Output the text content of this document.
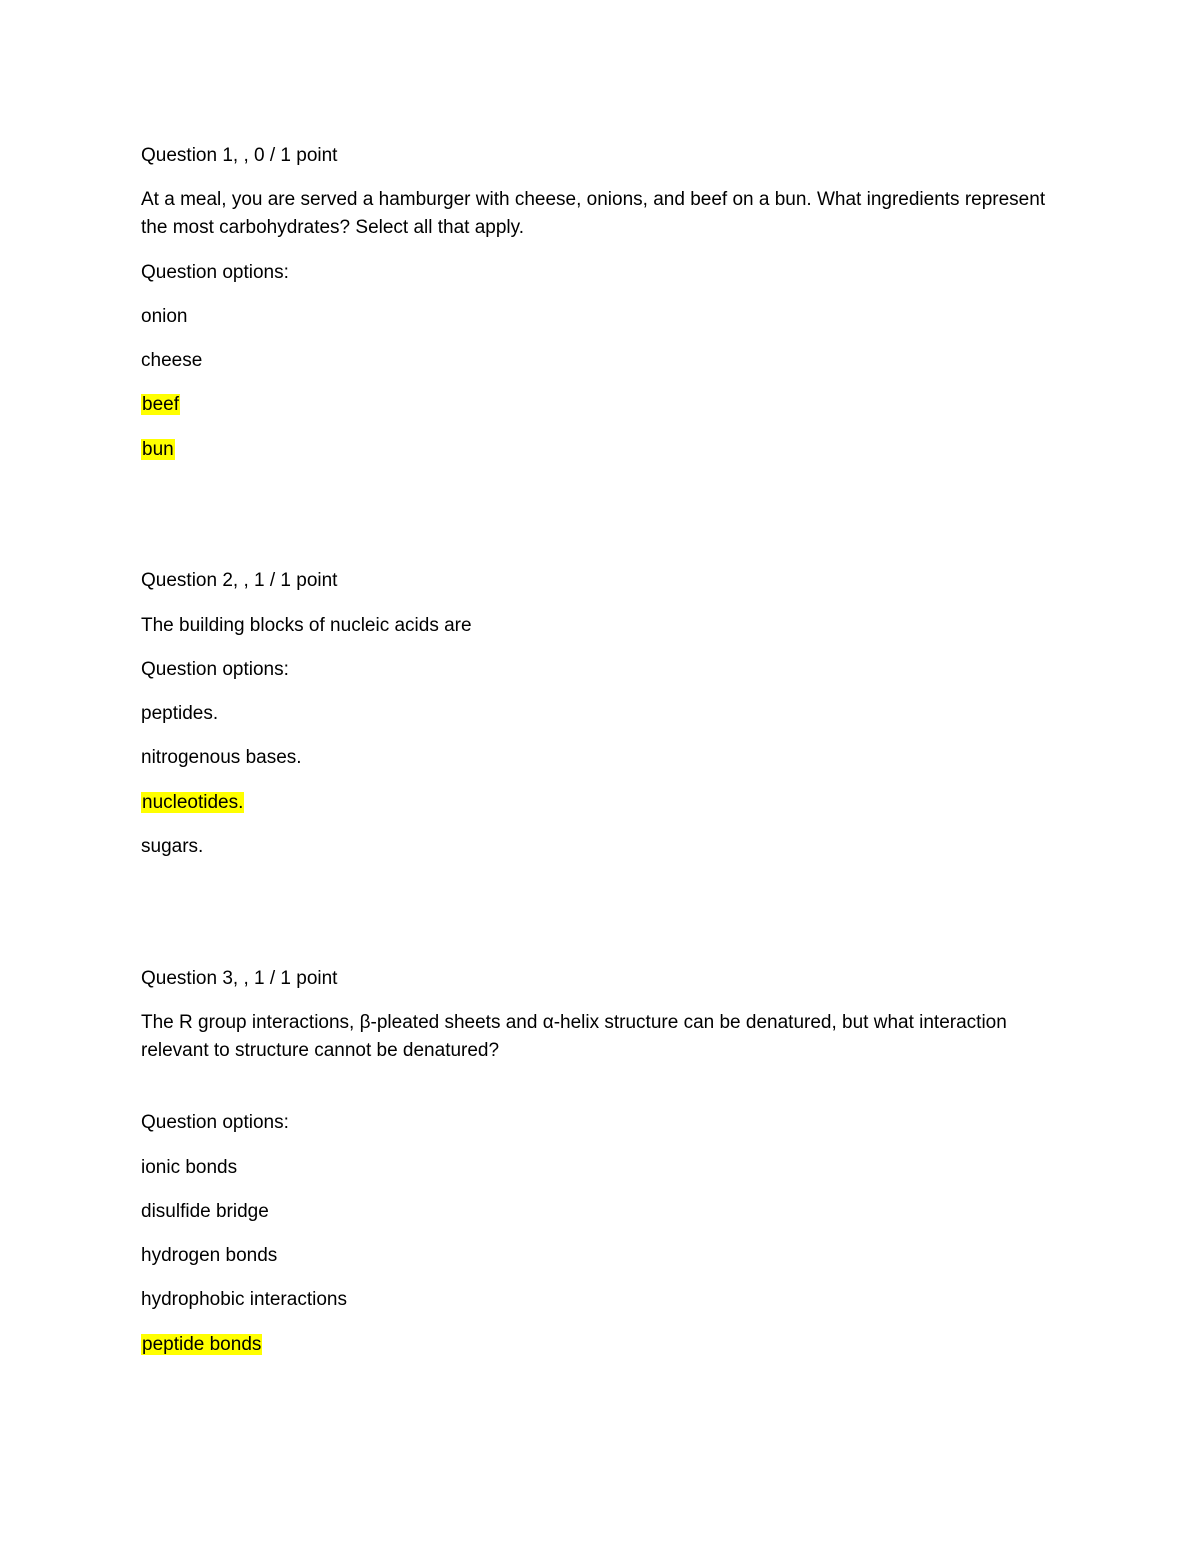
Question 1, , 0 / 1 point

At a meal, you are served a hamburger with cheese, onions, and beef on a bun. What ingredients represent the most carbohydrates? Select all that apply.

Question options:

onion

cheese

beef

bun

Question 2, , 1 / 1 point

The building blocks of nucleic acids are

Question options:

peptides.

nitrogenous bases.

nucleotides.

sugars.

Question 3, , 1 / 1 point

The R group interactions, β-pleated sheets and α-helix structure can be denatured, but what interaction relevant to structure cannot be denatured?

Question options:

ionic bonds

disulfide bridge

hydrogen bonds

hydrophobic interactions

peptide bonds
